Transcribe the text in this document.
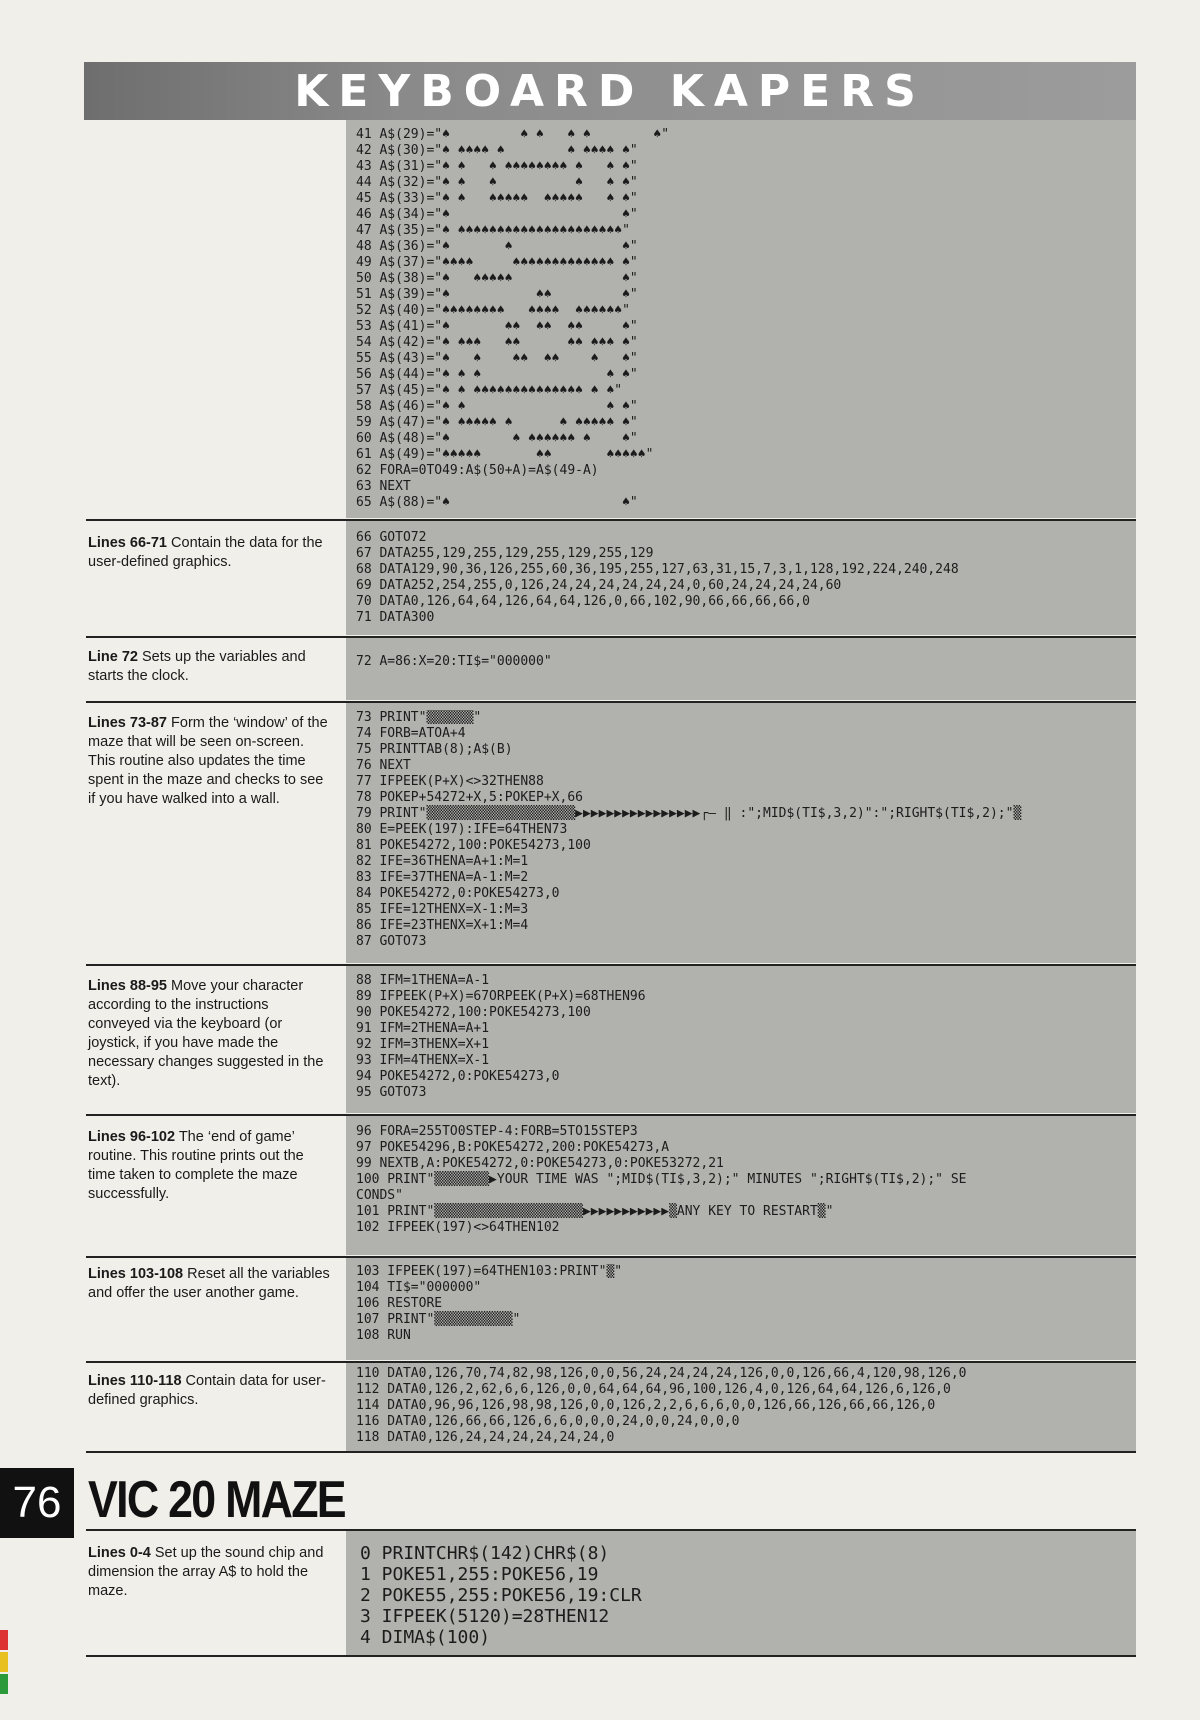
KEYBOARD KAPERS
41 A$(29)="♠         ♠ ♠   ♠ ♠        ♠"
42 A$(30)="♠ ♠♠♠♠ ♠        ♠ ♠♠♠♠ ♠"
43 A$(31)="♠ ♠   ♠ ♠♠♠♠♠♠♠♠ ♠   ♠ ♠"
44 A$(32)="♠ ♠   ♠          ♠   ♠ ♠"
45 A$(33)="♠ ♠   ♠♠♠♠♠  ♠♠♠♠♠   ♠ ♠"
46 A$(34)="♠                      ♠"
47 A$(35)="♠ ♠♠♠♠♠♠♠♠♠♠♠♠♠♠♠♠♠♠♠♠♠"
48 A$(36)="♠       ♠              ♠"
49 A$(37)="♠♠♠♠     ♠♠♠♠♠♠♠♠♠♠♠♠♠ ♠"
50 A$(38)="♠   ♠♠♠♠♠              ♠"
51 A$(39)="♠           ♠♠         ♠"
52 A$(40)="♠♠♠♠♠♠♠♠   ♠♠♠♠  ♠♠♠♠♠♠"
53 A$(41)="♠       ♠♠  ♠♠  ♠♠     ♠"
54 A$(42)="♠ ♠♠♠   ♠♠      ♠♠ ♠♠♠ ♠"
55 A$(43)="♠   ♠    ♠♠  ♠♠    ♠   ♠"
56 A$(44)="♠ ♠ ♠                ♠ ♠"
57 A$(45)="♠ ♠ ♠♠♠♠♠♠♠♠♠♠♠♠♠♠ ♠ ♠"
58 A$(46)="♠ ♠                  ♠ ♠"
59 A$(47)="♠ ♠♠♠♠♠ ♠      ♠ ♠♠♠♠♠ ♠"
60 A$(48)="♠        ♠ ♠♠♠♠♠♠ ♠    ♠"
61 A$(49)="♠♠♠♠♠       ♠♠       ♠♠♠♠♠"
62 FORA=0TO49:A$(50+A)=A$(49-A)
63 NEXT
65 A$(88)="♠                      ♠"
Lines 66-71 Contain the data for the user-defined graphics.
66 GOTO72
67 DATA255,129,255,129,255,129,255,129
68 DATA129,90,36,126,255,60,36,195,255,127,63,31,15,7,3,1,128,192,224,240,248
69 DATA252,254,255,0,126,24,24,24,24,24,24,0,60,24,24,24,24,60
70 DATA0,126,64,64,126,64,64,126,0,66,102,90,66,66,66,66,0
71 DATA300
Line 72 Sets up the variables and starts the clock.
72 A=86:X=20:TI$="000000"
Lines 73-87 Form the ‘window’ of the maze that will be seen on-screen. This routine also updates the time spent in the maze and checks to see if you have walked into a wall.
73 PRINT"▒▒▒▒▒▒"
74 FORB=ATOA+4
75 PRINTTAB(8);A$(B)
76 NEXT
77 IFPEEK(P+X)<>32THEN88
78 POKEP+54272+X,5:POKEP+X,66
79 PRINT"▒▒▒▒▒▒▒▒▒▒▒▒▒▒▒▒▒▒▒▶▶▶▶▶▶▶▶▶▶▶▶▶▶▶▶┌— ‖ :";MID$(TI$,3,2)":";RIGHT$(TI$,2);"▒
80 E=PEEK(197):IFE=64THEN73
81 POKE54272,100:POKE54273,100
82 IFE=36THENA=A+1:M=1
83 IFE=37THENA=A-1:M=2
84 POKE54272,0:POKE54273,0
85 IFE=12THENX=X-1:M=3
86 IFE=23THENX=X+1:M=4
87 GOTO73
Lines 88-95 Move your character according to the instructions conveyed via the keyboard (or joystick, if you have made the necessary changes suggested in the text).
88 IFM=1THENA=A-1
89 IFPEEK(P+X)=67ORPEEK(P+X)=68THEN96
90 POKE54272,100:POKE54273,100
91 IFM=2THENA=A+1
92 IFM=3THENX=X+1
93 IFM=4THENX=X-1
94 POKE54272,0:POKE54273,0
95 GOTO73
Lines 96-102 The ‘end of game’ routine. This routine prints out the time taken to complete the maze successfully.
96 FORA=255TO0STEP-4:FORB=5TO15STEP3
97 POKE54296,B:POKE54272,200:POKE54273,A
99 NEXTB,A:POKE54272,0:POKE54273,0:POKE53272,21
100 PRINT"▒▒▒▒▒▒▒▶YOUR TIME WAS ";MID$(TI$,3,2);" MINUTES ";RIGHT$(TI$,2);" SE
CONDS"
101 PRINT"▒▒▒▒▒▒▒▒▒▒▒▒▒▒▒▒▒▒▒▶▶▶▶▶▶▶▶▶▶▶▒ANY KEY TO RESTART▒"
102 IFPEEK(197)<>64THEN102
Lines 103-108 Reset all the variables and offer the user another game.
103 IFPEEK(197)=64THEN103:PRINT"▒"
104 TI$="000000"
106 RESTORE
107 PRINT"▒▒▒▒▒▒▒▒▒▒"
108 RUN
Lines 110-118 Contain data for user-defined graphics.
110 DATA0,126,70,74,82,98,126,0,0,56,24,24,24,24,126,0,0,126,66,4,120,98,126,0
112 DATA0,126,2,62,6,6,126,0,0,64,64,64,96,100,126,4,0,126,64,64,126,6,126,0
114 DATA0,96,96,126,98,98,126,0,0,126,2,2,6,6,6,0,0,126,66,126,66,66,126,0
116 DATA0,126,66,66,126,6,6,0,0,0,24,0,0,24,0,0,0
118 DATA0,126,24,24,24,24,24,24,0
76 VIC 20 MAZE
Lines 0-4 Set up the sound chip and dimension the array A$ to hold the maze.
0 PRINTCHR$(142)CHR$(8)
1 POKE51,255:POKE56,19
2 POKE55,255:POKE56,19:CLR
3 IFPEEK(5120)=28THEN12
4 DIMA$(100)
